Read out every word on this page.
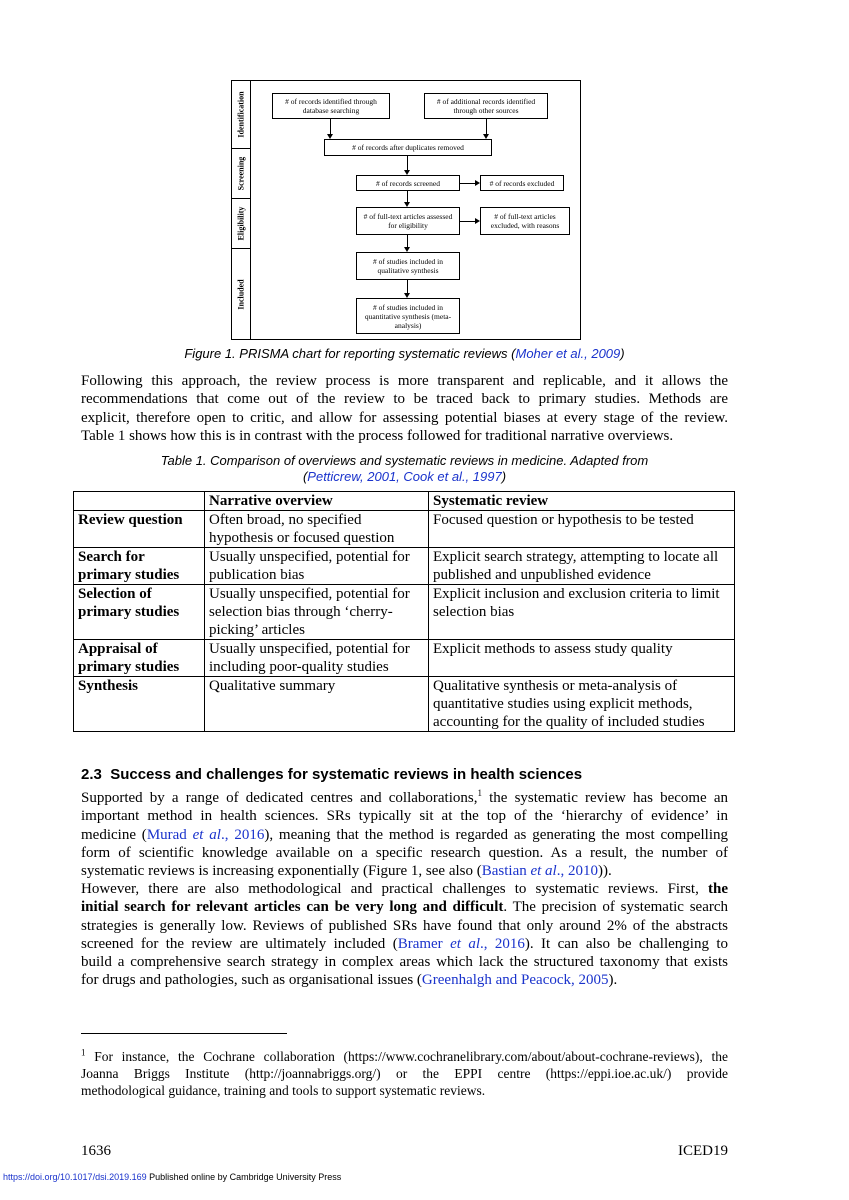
Identification
Screening
Eligibility
Included
# of records identified through database searching
# of additional records identified through other sources
# of records after duplicates removed
# of records screened	# of records excluded
# of full-text articles assessed for eligibility
# of full-text articles excluded, with reasons
# of studies included in qualitative synthesis
# of studies included in quantitative synthesis (meta-analysis)
Figure 1. PRISMA chart for reporting systematic reviews (Moher et al., 2009)
Following this approach, the review process is more transparent and replicable, and it allows the
recommendations that come out of the review to be traced back to primary studies. Methods are
explicit, therefore open to critic, and allow for assessing potential biases at every stage of the review.
Table 1 shows how this is in contrast with the process followed for traditional narrative overviews.
Table 1. Comparison of overviews and systematic reviews in medicine. Adapted from
(Petticrew, 2001, Cook et al., 1997)
	Narrative overview	Systematic review
Review question	Often broad, no specified hypothesis or focused question	Focused question or hypothesis to be tested
Search for primary studies	Usually unspecified, potential for publication bias	Explicit search strategy, attempting to locate all published and unpublished evidence
Selection of primary studies	Usually unspecified, potential for selection bias through ‘cherry-picking’ articles	Explicit inclusion and exclusion criteria to limit selection bias
Appraisal of primary studies	Usually unspecified, potential for including poor-quality studies	Explicit methods to assess study quality
Synthesis	Qualitative summary	Qualitative synthesis or meta-analysis of quantitative studies using explicit methods, accounting for the quality of included studies
2.3 Success and challenges for systematic reviews in health sciences
Supported by a range of dedicated centres and collaborations,$^1$ the systematic review has become an
important method in health sciences. SRs typically sit at the top of the ‘hierarchy of evidence’ in
medicine (Murad et al., 2016), meaning that the method is regarded as generating the most compelling
form of scientific knowledge available on a specific research question. As a result, the number of
systematic reviews is increasing exponentially (Figure 1, see also (Bastian et al., 2010)).
However, there are also methodological and practical challenges to systematic reviews. First, the
initial search for relevant articles can be very long and difficult. The precision of systematic search
strategies is generally low. Reviews of published SRs have found that only around 2% of the abstracts
screened for the review are ultimately included (Bramer et al., 2016). It can also be challenging to
build a comprehensive search strategy in complex areas which lack the structured taxonomy that exists
for drugs and pathologies, such as organisational issues (Greenhalgh and Peacock, 2005).
$^1$ For instance, the Cochrane collaboration (https://www.cochranelibrary.com/about/about-cochrane-reviews), the
Joanna Briggs Institute (http://joannabriggs.org/) or the EPPI centre (https://eppi.ioe.ac.uk/) provide
methodological guidance, training and tools to support systematic reviews.
1636	ICED19
https://doi.org/10.1017/dsi.2019.169 Published online by Cambridge University Press
